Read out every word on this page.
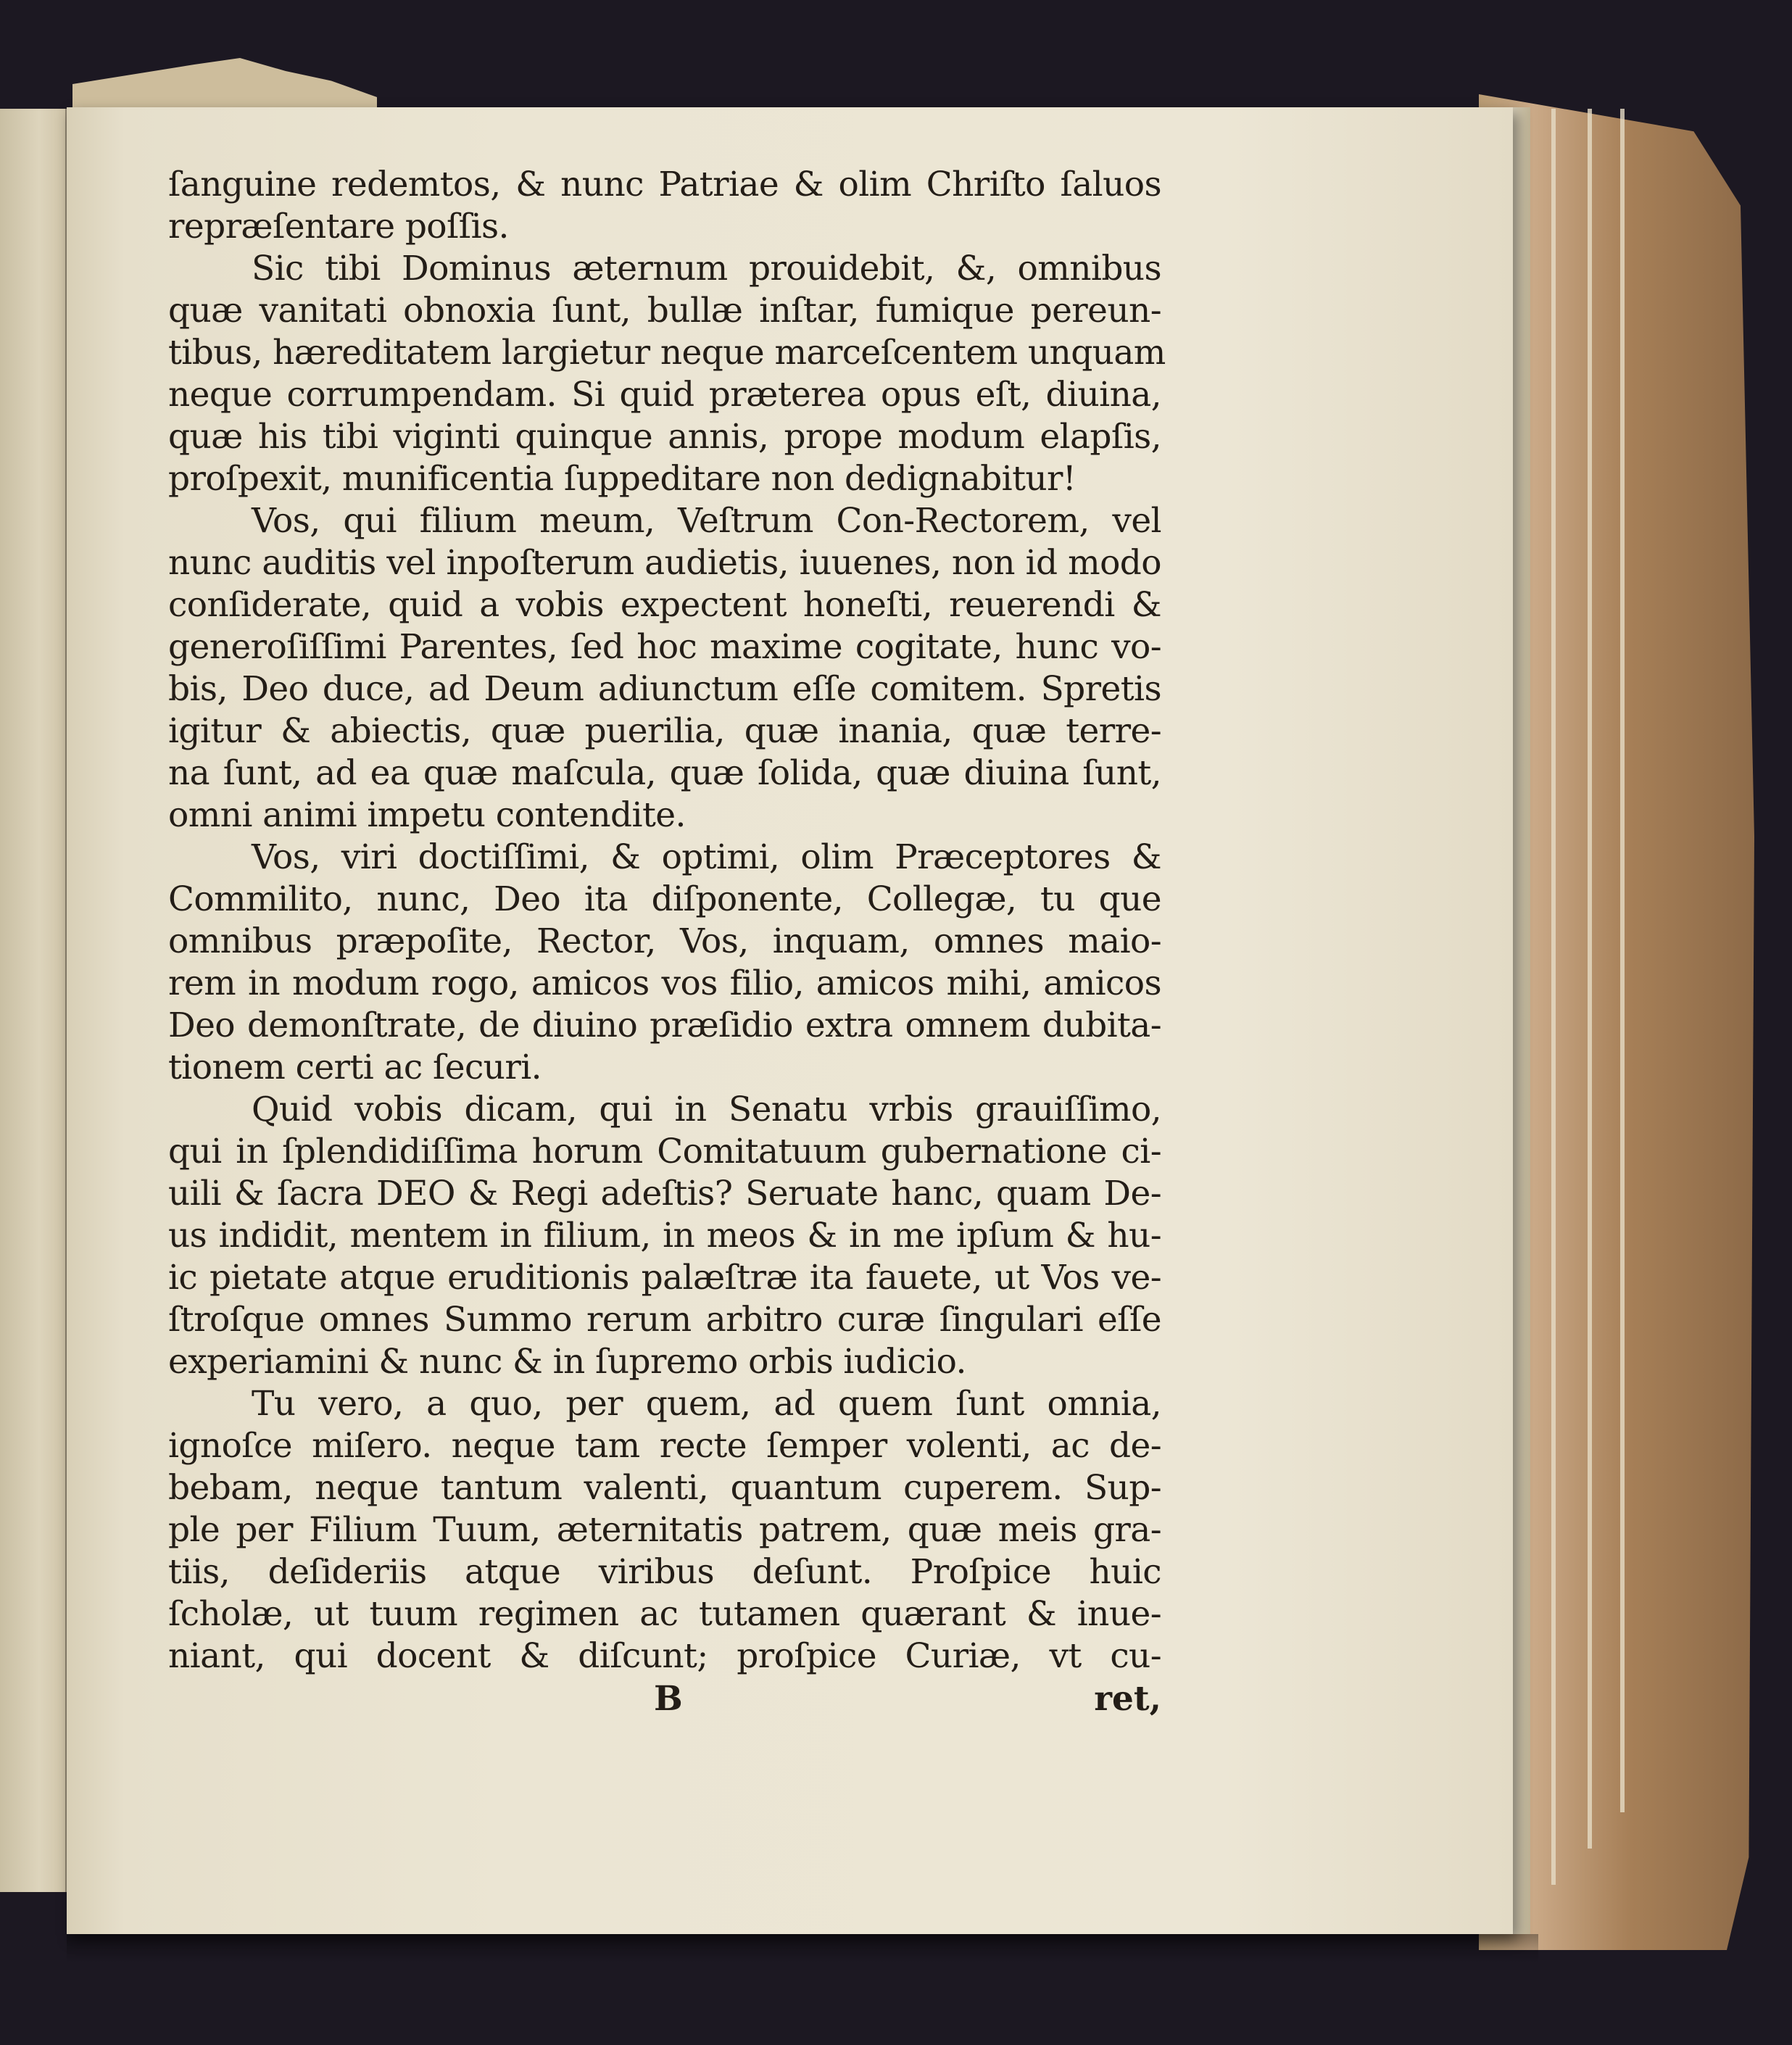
ſanguine redemtos, & nunc Patriae & olim Chriſto ſaluos
repræſentare poſſis.
Sic tibi Dominus æternum prouidebit, &, omnibus
quæ vanitati obnoxia ſunt, bullæ inſtar, fumique pereun-
tibus, hæreditatem largietur neque marceſcentem unquam
neque corrumpendam. Si quid præterea opus eſt, diuina,
quæ his tibi viginti quinque annis, prope modum elapſis,
proſpexit, munificentia ſuppeditare non dedignabitur!
Vos, qui filium meum, Veſtrum Con-Rectorem, vel
nunc auditis vel inpoſterum audietis, iuuenes, non id modo
conſiderate, quid a vobis expectent honeſti, reuerendi &
generoſiſſimi Parentes, ſed hoc maxime cogitate, hunc vo-
bis, Deo duce, ad Deum adiunctum eſſe comitem. Spretis
igitur & abiectis, quæ puerilia, quæ inania, quæ terre-
na ſunt, ad ea quæ maſcula, quæ ſolida, quæ diuina ſunt,
omni animi impetu contendite.
Vos, viri doctiſſimi, & optimi, olim Præceptores &
Commilito, nunc, Deo ita diſponente, Collegæ, tu que
omnibus præpoſite, Rector, Vos, inquam, omnes maio-
rem in modum rogo, amicos vos filio, amicos mihi, amicos
Deo demonſtrate, de diuino præſidio extra omnem dubita-
tionem certi ac ſecuri.
Quid vobis dicam, qui in Senatu vrbis grauiſſimo,
qui in ſplendidiſſima horum Comitatuum gubernatione ci-
uili & ſacra DEO & Regi adeſtis? Seruate hanc, quam De-
us indidit, mentem in filium, in meos & in me ipſum & hu-
ic pietate atque eruditionis palæſtræ ita fauete, ut Vos ve-
ſtroſque omnes Summo rerum arbitro curæ ſingulari eſſe
experiamini & nunc & in ſupremo orbis iudicio.
Tu vero, a quo, per quem, ad quem ſunt omnia,
ignoſce miſero. neque tam recte ſemper volenti, ac de-
bebam, neque tantum valenti, quantum cuperem. Sup-
ple per Filium Tuum, æternitatis patrem, quæ meis gra-
tiis, deſideriis atque viribus deſunt. Proſpice huic
ſcholæ, ut tuum regimen ac tutamen quærant & inue-
niant, qui docent & diſcunt; proſpice Curiæ, vt cu-
B	ret,
